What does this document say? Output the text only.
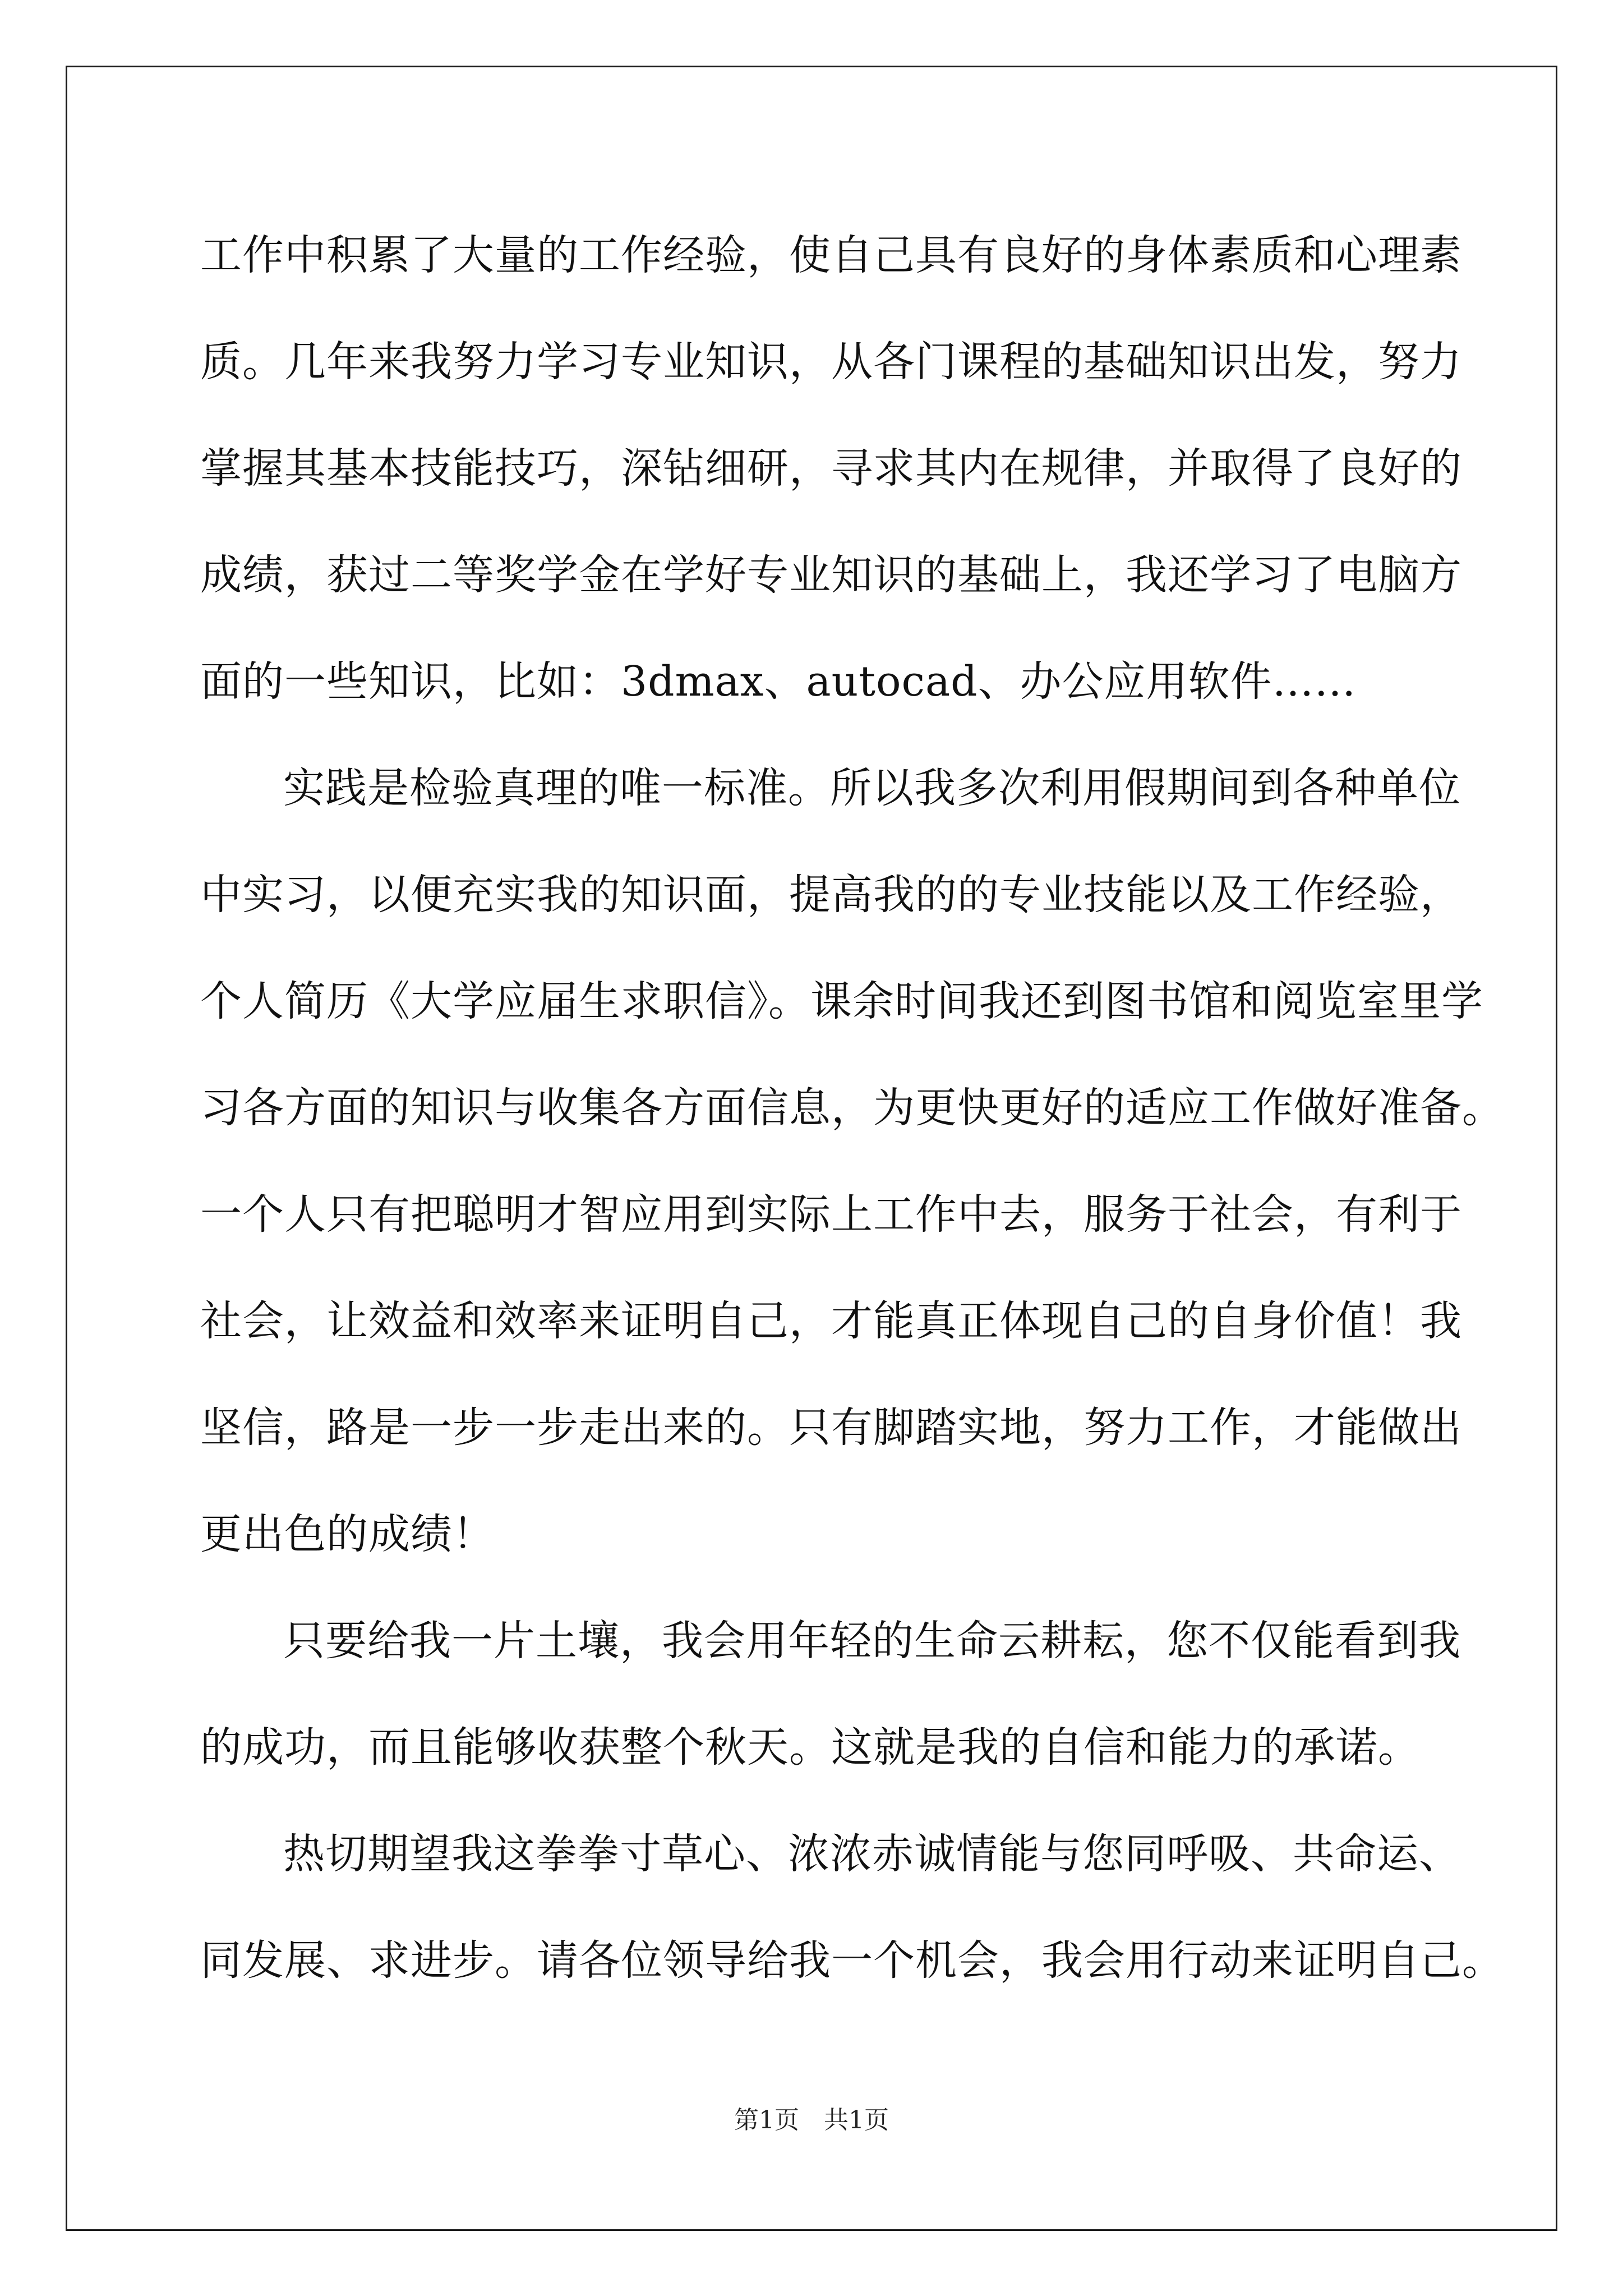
工作中积累了大量的工作经验，使自己具有良好的身体素质和心理素
质。几年来我努力学习专业知识，从各门课程的基础知识出发，努力
掌握其基本技能技巧，深钻细研，寻求其内在规律，并取得了良好的
成绩，获过二等奖学金在学好专业知识的基础上，我还学习了电脑方
面的一些知识，比如：3dmax、autocad、办公应用软件……
实践是检验真理的唯一标准。所以我多次利用假期间到各种单位
中实习，以便充实我的知识面，提高我的的专业技能以及工作经验，
个人简历《大学应届生求职信》。课余时间我还到图书馆和阅览室里学
习各方面的知识与收集各方面信息，为更快更好的适应工作做好准备。
一个人只有把聪明才智应用到实际上工作中去，服务于社会，有利于
社会，让效益和效率来证明自己，才能真正体现自己的自身价值！我
坚信，路是一步一步走出来的。只有脚踏实地，努力工作，才能做出
更出色的成绩！
只要给我一片土壤，我会用年轻的生命云耕耘，您不仅能看到我
的成功，而且能够收获整个秋天。这就是我的自信和能力的承诺。
热切期望我这拳拳寸草心、浓浓赤诚情能与您同呼吸、共命运、
同发展、求进步。请各位领导给我一个机会，我会用行动来证明自己。
第1页　共1页
